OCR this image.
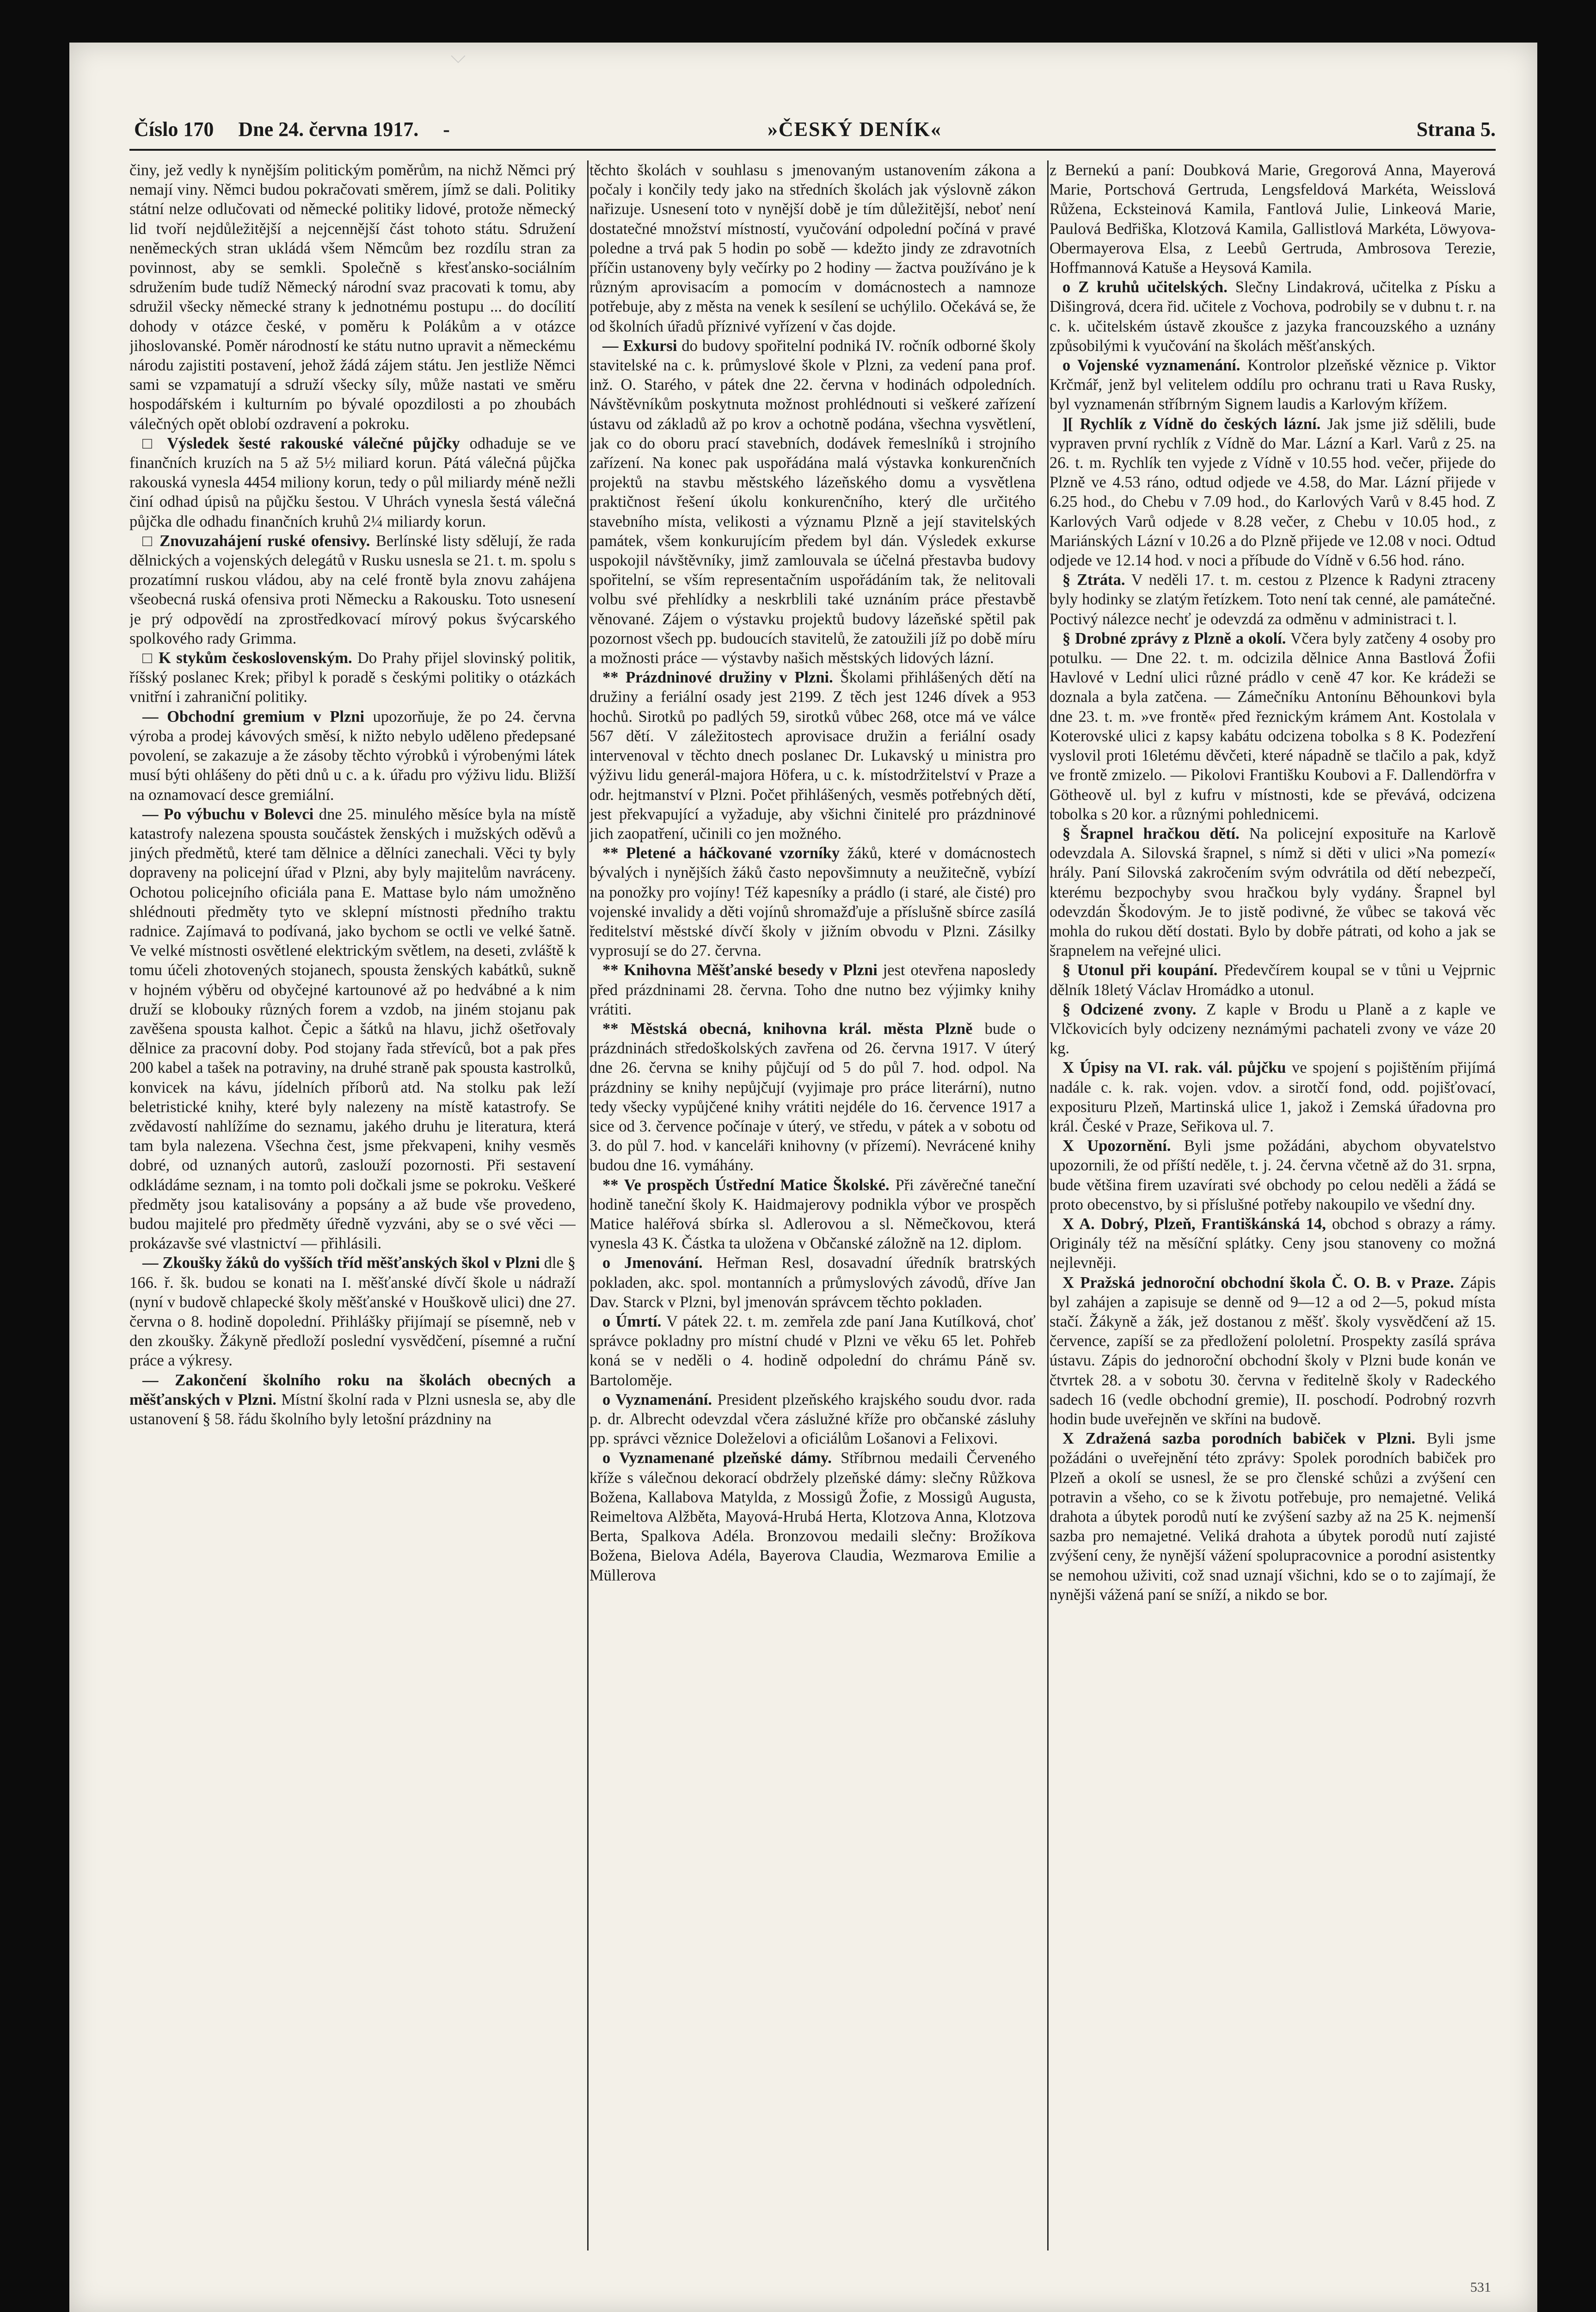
Číslo 170 Dne 24. června 1917. -	»ČESKÝ DENÍK«	Strana 5.

činy, jež vedly k nynějším politickým poměrům, na nichž Němci prý nemají viny. Němci budou pokračovati směrem, jímž se dali. Politiky státní nelze odlučovati od německé politiky lidové, protože německý lid tvoří nejdůležitější a nejcennější část tohoto státu. Sdružení neněmeckých stran ukládá všem Němcům bez rozdílu stran za povinnost, aby se semkli. Společně s křesťansko-sociálním sdružením bude tudíž Německý národní svaz pracovati k tomu, aby sdružil všecky německé strany k jednotnému postupu ... do docílití dohody v otázce české, v poměru k Polákům a v otázce jihoslovanské. Poměr národností ke státu nutno upravit a německému národu zajistiti postavení, jehož žádá zájem státu. Jen jestliže Němci sami se vzpamatují a sdruží všecky síly, může nastati ve směru hospodářském i kulturním po bývalé opozdilosti a po zhoubách válečných opět oblobí ozdravení a pokroku.

□ Výsledek šesté rakouské válečné půjčky odhaduje se ve finančních kruzích na 5 až 5½ miliard korun. Pátá válečná půjčka rakouská vynesla 4454 miliony korun, tedy o půl miliardy méně nežli činí odhad úpisů na půjčku šestou. V Uhrách vynesla šestá válečná půjčka dle odhadu finančních kruhů 2¼ miliardy korun.

□ Znovuzahájení ruské ofensivy. Berlínské listy sdělují, že rada dělnických a vojenských delegátů v Rusku usnesla se 21. t. m. spolu s prozatímní ruskou vládou, aby na celé frontě byla znovu zahájena všeobecná ruská ofensiva proti Německu a Rakousku. Toto usnesení je prý odpovědí na zprostředkovací mírový pokus švýcarského spolkového rady Grimma.

□ K stykům československým. Do Prahy přijel slovinský politik, říšský poslanec Krek; přibyl k poradě s českými politiky o otázkách vnitřní i zahraniční politiky.

— Obchodní gremium v Plzni upozorňuje, že po 24. června výroba a prodej kávových směsí, k nižto nebylo uděleno předepsané povolení, se zakazuje a že zásoby těchto výrobků i výrobenými látek musí býti ohlášeny do pěti dnů u c. a k. úřadu pro výživu lidu. Bližší na oznamovací desce gremiální.

— Po výbuchu v Bolevci dne 25. minulého měsíce byla na místě katastrofy nalezena spousta součástek ženských i mužských oděvů a jiných předmětů, které tam dělnice a dělníci zanechali. Věci ty byly dopraveny na policejní úřad v Plzni, aby byly majitelům navráceny. Ochotou policejního oficiála pana E. Mattase bylo nám umožněno shlédnouti předměty tyto ve sklepní místnosti předního traktu radnice. Zajímavá to podívaná, jako bychom se octli ve velké šatně. Ve velké místnosti osvětlené elektrickým světlem, na deseti, zvláště k tomu účeli zhotovených stojanech, spousta ženských kabátků, sukně v hojném výběru od obyčejné kartounové až po hedvábné a k nim druží se klobouky různých forem a vzdob, na jiném stojanu pak zavěšena spousta kalhot. Čepic a šátků na hlavu, jichž ošetřovaly dělnice za pracovní doby. Pod stojany řada střevíců, bot a pak přes 200 kabel a tašek na potraviny, na druhé straně pak spousta kastrolků, konvicek na kávu, jídelních příborů atd. Na stolku pak leží beletristické knihy, které byly nalezeny na místě katastrofy. Se zvědavostí nahlížíme do seznamu, jakého druhu je literatura, která tam byla nalezena. Všechna čest, jsme překvapeni, knihy vesměs dobré, od uznaných autorů, zaslouží pozornosti. Při sestavení odkládáme seznam, i na tomto poli dočkali jsme se pokroku. Veškeré předměty jsou katalisovány a popsány a až bude vše provedeno, budou majitelé pro předměty úředně vyzváni, aby se o své věci — prokázavše své vlastnictví — přihlásili.

— Zkoušky žáků do vyšších tříd měšťanských škol v Plzni dle § 166. ř. šk. budou se konati na I. měšťanské dívčí škole u nádraží (nyní v budově chlapecké školy měšťanské v Houškově ulici) dne 27. června o 8. hodině dopolední. Přihlášky přijímají se písemně, neb v den zkoušky. Žákyně předloží poslední vysvědčení, písemné a ruční práce a výkresy.

— Zakončení školního roku na školách obecných a měšťanských v Plzni. Místní školní rada v Plzni usnesla se, aby dle ustanovení § 58. řádu školního byly letošní prázdniny na

těchto školách v souhlasu s jmenovaným ustanovením zákona a počaly i končily tedy jako na středních školách jak výslovně zákon nařizuje. Usnesení toto v nynější době je tím důležitější, neboť není dostatečné množství místností, vyučování odpolední počíná v pravé poledne a trvá pak 5 hodin po sobě — kdežto jindy ze zdravotních příčin ustanoveny byly večírky po 2 hodiny — žactva používáno je k různým aprovisacím a pomocím v domácnostech a namnoze potřebuje, aby z města na venek k sesílení se uchýlilo. Očekává se, že od školních úřadů příznivé vyřízení v čas dojde.

— Exkursi do budovy spořitelní podniká IV. ročník odborné školy stavitelské na c. k. průmyslové škole v Plzni, za vedení pana prof. inž. O. Starého, v pátek dne 22. června v hodinách odpoledních. Návštěvníkům poskytnuta možnost prohlédnouti si veškeré zařízení ústavu od základů až po krov a ochotně podána, všechna vysvětlení, jak co do oboru prací stavebních, dodávek řemeslníků i strojního zařízení. Na konec pak uspořádána malá výstavka konkurenčních projektů na stavbu městského lázeňského domu a vysvětlena praktičnost řešení úkolu konkurenčního, který dle určitého stavebního místa, velikosti a významu Plzně a její stavitelských památek, všem konkurujícím předem byl dán. Výsledek exkurse uspokojil návštěvníky, jimž zamlouvala se účelná přestavba budovy spořitelní, se vším representačním uspořádáním tak, že nelitovali volbu své přehlídky a neskrblili také uznáním práce přestavbě věnované. Zájem o výstavku projektů budovy lázeňské spětil pak pozornost všech pp. budoucích stavitelů, že zatoužili jíž po době míru a možnosti práce — výstavby našich městských lidových lázní.

** Prázdninové družiny v Plzni. Školami přihlášených dětí na družiny a feriální osady jest 2199. Z těch jest 1246 dívek a 953 hochů. Sirotků po padlých 59, sirotků vůbec 268, otce má ve válce 567 dětí. V záležitostech aprovisace družin a feriální osady intervenoval v těchto dnech poslanec Dr. Lukavský u ministra pro výživu lidu generál-majora Höfera, u c. k. místodržitelství v Praze a odr. hejtmanství v Plzni. Počet přihlášených, vesměs potřebných dětí, jest překvapující a vyžaduje, aby všichni činitelé pro prázdninové jich zaopatření, učinili co jen možného.

** Pletené a háčkované vzorníky žáků, které v domácnostech bývalých i nynějších žáků často nepovšimnuty a neužitečně, vybízí na ponožky pro vojíny! Též kapesníky a prádlo (i staré, ale čisté) pro vojenské invalidy a děti vojínů shromažďuje a příslušně sbírce zasílá ředitelství městské dívčí školy v jižním obvodu v Plzni. Zásilky vyprosují se do 27. června.

** Knihovna Měšťanské besedy v Plzni jest otevřena naposledy před prázdninami 28. června. Toho dne nutno bez výjimky knihy vrátiti.

** Městská obecná, knihovna král. města Plzně bude o prázdninách středoškolských zavřena od 26. června 1917. V úterý dne 26. června se knihy půjčují od 5 do půl 7. hod. odpol. Na prázdniny se knihy nepůjčují (vyjimaje pro práce literární), nutno tedy všecky vypůjčené knihy vrátiti nejdéle do 16. července 1917 a sice od 3. července počínaje v úterý, ve středu, v pátek a v sobotu od 3. do půl 7. hod. v kanceláři knihovny (v přízemí). Nevrácené knihy budou dne 16. vymáhány.

** Ve prospěch Ústřední Matice Školské. Při závěrečné taneční hodině taneční školy K. Haidmajerovy podnikla výbor ve prospěch Matice haléřová sbírka sl. Adlerovou a sl. Němečkovou, která vynesla 43 K. Částka ta uložena v Občanské záložně na 12. diplom.

o Jmenování. Heřman Resl, dosavadní úředník bratrských pokladen, akc. spol. montanních a průmyslových závodů, dříve Jan Dav. Starck v Plzni, byl jmenován správcem těchto pokladen.

o Úmrtí. V pátek 22. t. m. zemřela zde paní Jana Kutílková, choť správce pokladny pro místní chudé v Plzni ve věku 65 let. Pohřeb koná se v neděli o 4. hodině odpolední do chrámu Páně sv. Bartoloměje.

o Vyznamenání. President plzeňského krajského soudu dvor. rada p. dr. Albrecht odevzdal včera záslužné kříže pro občanské zásluhy pp. správci věznice Doleželovi a oficiálům Lošanovi a Felixovi.

o Vyznamenané plzeňské dámy. Stříbrnou medaili Červeného kříže s válečnou dekorací obdržely plzeňské dámy: slečny Růžkova Božena, Kallabova Matylda, z Mossigů Žofie, z Mossigů Augusta, Reimeltova Alžběta, Mayová-Hrubá Herta, Klotzova Anna, Klotzova Berta, Spalkova Adéla. Bronzovou medaili slečny: Brožíkova Božena, Bielova Adéla, Bayerova Claudia, Wezmarova Emilie a Müllerova

z Bernekú a paní: Doubková Marie, Gregorová Anna, Mayerová Marie, Portschová Gertruda, Lengsfeldová Markéta, Weisslová Růžena, Ecksteinová Kamila, Fantlová Julie, Linkeová Marie, Paulová Bedřiška, Klotzová Kamila, Gallistlová Markéta, Löwyova-Obermayerova Elsa, z Leebů Gertruda, Ambrosova Terezie, Hoffmannová Katuše a Heysová Kamila.

o Z kruhů učitelských. Slečny Lindakrová, učitelka z Písku a Dišingrová, dcera řid. učitele z Vochova, podrobily se v dubnu t. r. na c. k. učitelském ústavě zkoušce z jazyka francouzského a uznány způsobilými k vyučování na školách měšťanských.

o Vojenské vyznamenání. Kontrolor plzeňské věznice p. Viktor Krčmář, jenž byl velitelem oddílu pro ochranu trati u Rava Rusky, byl vyznamenán stříbrným Signem laudis a Karlovým křížem.

][ Rychlík z Vídně do českých lázní. Jak jsme již sdělili, bude vypraven první rychlík z Vídně do Mar. Lázní a Karl. Varů z 25. na 26. t. m. Rychlík ten vyjede z Vídně v 10.55 hod. večer, přijede do Plzně ve 4.53 ráno, odtud odjede ve 4.58, do Mar. Lázní přijede v 6.25 hod., do Chebu v 7.09 hod., do Karlových Varů v 8.45 hod. Z Karlových Varů odjede v 8.28 večer, z Chebu v 10.05 hod., z Mariánských Lázní v 10.26 a do Plzně přijede ve 12.08 v noci. Odtud odjede ve 12.14 hod. v noci a příbude do Vídně v 6.56 hod. ráno.

§ Ztráta. V neděli 17. t. m. cestou z Plzence k Radyni ztraceny byly hodinky se zlatým řetízkem. Toto není tak cenné, ale památečné. Poctivý nálezce nechť je odevzdá za odměnu v administraci t. l.

§ Drobné zprávy z Plzně a okolí. Včera byly zatčeny 4 osoby pro potulku. — Dne 22. t. m. odcizila dělnice Anna Bastlová Žofii Havlové v Lední ulici různé prádlo v ceně 47 kor. Ke krádeži se doznala a byla zatčena. — Zámečníku Antonínu Běhounkovi byla dne 23. t. m. »ve frontě« před řeznickým krámem Ant. Kostolala v Koterovské ulici z kapsy kabátu odcizena tobolka s 8 K. Podezření vyslovil proti 16letému děvčeti, které nápadně se tlačilo a pak, když ve frontě zmizelo. — Pikolovi Františku Koubovi a F. Dallendörfra v Götheově ul. byl z kufru v místnosti, kde se převává, odcizena tobolka s 20 kor. a různými pohlednicemi.

§ Šrapnel hračkou dětí. Na policejní exposituře na Karlově odevzdala A. Silovská šrapnel, s nímž si děti v ulici »Na pomezí« hrály. Paní Silovská zakročením svým odvrátila od dětí nebezpečí, kterému bezpochyby svou hračkou byly vydány. Šrapnel byl odevzdán Škodovým. Je to jistě podivné, že vůbec se taková věc mohla do rukou dětí dostati. Bylo by dobře pátrati, od koho a jak se šrapnelem na veřejné ulici.

§ Utonul při koupání. Předevčírem koupal se v tůni u Vejprnic dělník 18letý Václav Hromádko a utonul.

§ Odcizené zvony. Z kaple v Brodu u Planě a z kaple ve Vlčkovicích byly odcizeny neznámými pachateli zvony ve váze 20 kg.

X Úpisy na VI. rak. vál. půjčku ve spojení s pojištěním přijímá nadále c. k. rak. vojen. vdov. a sirotčí fond, odd. pojišťovací, exposituru Plzeň, Martinská ulice 1, jakož i Zemská úřadovna pro král. České v Praze, Seřikova ul. 7.

X Upozornění. Byli jsme požádáni, abychom obyvatelstvo upozornili, že od příští neděle, t. j. 24. června včetně až do 31. srpna, bude většina firem uzavírati své obchody po celou neděli a žádá se proto obecenstvo, by si příslušné potřeby nakoupilo ve všední dny.

X A. Dobrý, Plzeň, Františkánská 14, obchod s obrazy a rámy. Originály též na měsíční splátky. Ceny jsou stanoveny co možná nejlevněji.

X Pražská jednoroční obchodní škola Č. O. B. v Praze. Zápis byl zahájen a zapisuje se denně od 9—12 a od 2—5, pokud místa stačí. Žákyně a žák, jež dostanou z měšť. školy vysvědčení až 15. července, zapíší se za předložení pololetní. Prospekty zasílá správa ústavu. Zápis do jednoroční obchodní školy v Plzni bude konán ve čtvrtek 28. a v sobotu 30. června v ředitelně školy v Radeckého sadech 16 (vedle obchodní gremie), II. poschodí. Podrobný rozvrh hodin bude uveřejněn ve skříni na budově.

X Zdražená sazba porodních babiček v Plzni. Byli jsme požádáni o uveřejnění této zprávy: Spolek porodních babiček pro Plzeň a okolí se usnesl, že se pro členské schůzi a zvýšení cen potravin a všeho, co se k životu potřebuje, pro nemajetné. Veliká drahota a úbytek porodů nutí ke zvýšení sazby až na 25 K. nejmenší sazba pro nemajetné. Veliká drahota a úbytek porodů nutí zajisté zvýšení ceny, že nynější vážení spolupracovnice a porodní asistentky se nemohou uživiti, což snad uznají všichni, kdo se o to zajímají, že nynějši vážená paní se sníží, a nikdo se bor.

531
